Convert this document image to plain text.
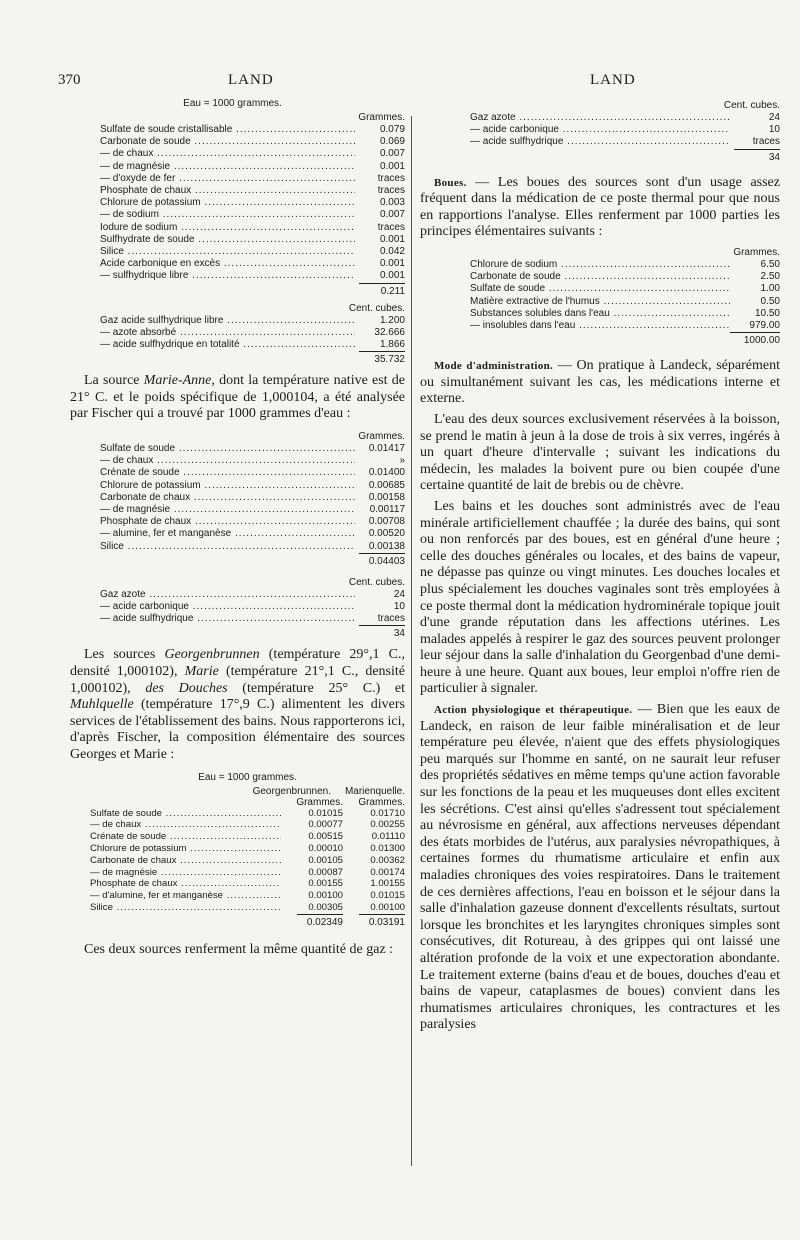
370	LAND	LAND
Eau = 1000 grammes.
Grammes.
Sulfate de soude cristallisable .....	0.079
Carbonate de soude .....	0.069
— de chaux .....	0.007
— de magnésie .....	0.001
— d'oxyde de fer .....	traces
Phosphate de chaux .....	traces
Chlorure de potassium .....	0.003
— de sodium .....	0.007
Iodure de sodium .....	traces
Sulfhydrate de soude .....	0.001
Silice .....	0.042
Acide carbonique en excès .....	0.001
— sulfhydrique libre .....	0.001
0.211
Cent. cubes.
Gaz acide sulfhydrique libre .....	1.200
— azote absorbé .....	32.666
— acide sulfhydrique en totalité .....	1.866
35.732

La source Marie-Anne, dont la température native est de 21° C. et le poids spécifique de 1,000104, a été analysée par Fischer qui a trouvé par 1000 grammes d'eau :

Grammes.
Sulfate de soude .....	0.01417
— de chaux .....	»
Crénate de soude .....	0.01400
Chlorure de potassium .....	0.00685
Carbonate de chaux .....	0.00158
— de magnésie .....	0.00117
Phosphate de chaux .....	0.00708
— alumine, fer et manganèse .....	0.00520
Silice .....	0.00138
0.04403
Cent. cubes.
Gaz azote .....	24
— acide carbonique .....	10
— acide sulfhydrique .....	traces
34

Les sources Georgenbrunnen (température 29°,1 C., densité 1,000102), Marie (température 21°,1 C., densité 1,000102), des Douches (température 25° C.) et Muhlquelle (température 17°,9 C.) alimentent les divers services de l'établissement des bains. Nous rapporterons ici, d'après Fischer, la composition élémentaire des sources Georges et Marie :

Eau = 1000 grammes.
Georgenbrunnen.	Marienquelle.
Grammes.	Grammes.
Sulfate de soude .....	0.01015	0.01710
— de chaux .....	0.00077	0.00255
Crénate de soude .....	0.00515	0.01110
Chlorure de potassium .....	0.00010	0.01300
Carbonate de chaux .....	0.00105	0.00362
— de magnésie .....	0.00087	0.00174
Phosphate de chaux .....	0.00155	1.00155
— d'alumine, fer et manganèse .....	0.00100	0.01015
Silice .....	0.00305	0.00100
0.02349	0.03191

Ces deux sources renferment la même quantité de gaz :

Cent. cubes.
Gaz azote .....	24
— acide carbonique .....	10
— acide sulfhydrique .....	traces
34

Boues. — Les boues des sources sont d'un usage assez fréquent dans la médication de ce poste thermal pour que nous en rapportions l'analyse. Elles renferment par 1000 parties les principes élémentaires suivants :

Grammes.
Chlorure de sodium .....	6.50
Carbonate de soude .....	2.50
Sulfate de soude .....	1.00
Matière extractive de l'humus .....	0.50
Substances solubles dans l'eau .....	10.50
— insolubles dans l'eau .....	979.00
1000.00

Mode d'administration. — On pratique à Landeck, séparément ou simultanément suivant les cas, les médications interne et externe.

L'eau des deux sources exclusivement réservées à la boisson, se prend le matin à jeun à la dose de trois à six verres, ingérés à un quart d'heure d'intervalle ; suivant les indications du médecin, les malades la boivent pure ou bien coupée d'une certaine quantité de lait de brebis ou de chèvre.

Les bains et les douches sont administrés avec de l'eau minérale artificiellement chauffée ; la durée des bains, qui sont ou non renforcés par des boues, est en général d'une heure ; celle des douches générales ou locales, et des bains de vapeur, ne dépasse pas quinze ou vingt minutes. Les douches locales et plus spécialement les douches vaginales sont très employées à ce poste thermal dont la médication hydrominérale topique jouit d'une grande réputation dans les affections utérines. Les malades appelés à respirer le gaz des sources peuvent prolonger leur séjour dans la salle d'inhalation du Georgenbad d'une demi-heure à une heure. Quant aux boues, leur emploi n'offre rien de particulier à signaler.

Action physiologique et thérapeutique. — Bien que les eaux de Landeck, en raison de leur faible minéralisation et de leur température peu élevée, n'aient que des effets physiologiques peu marqués sur l'homme en santé, on ne saurait leur refuser des propriétés sédatives en même temps qu'une action favorable sur les fonctions de la peau et les muqueuses dont elles excitent les sécrétions. C'est ainsi qu'elles s'adressent tout spécialement au névrosisme en général, aux affections nerveuses dépendant des états morbides de l'utérus, aux paralysies névropathiques, à certaines formes du rhumatisme articulaire et enfin aux maladies chroniques des voies respiratoires. Dans le traitement de ces dernières affections, l'eau en boisson et le séjour dans la salle d'inhalation gazeuse donnent d'excellents résultats, surtout lorsque les bronchites et les laryngites chroniques simples sont consécutives, dit Rotureau, à des grippes qui ont laissé une altération profonde de la voix et une expectoration abondante. Le traitement externe (bains d'eau et de boues, douches d'eau et bains de vapeur, cataplasmes de boues) convient dans les rhumatismes articulaires chroniques, les contractures et les paralysies
